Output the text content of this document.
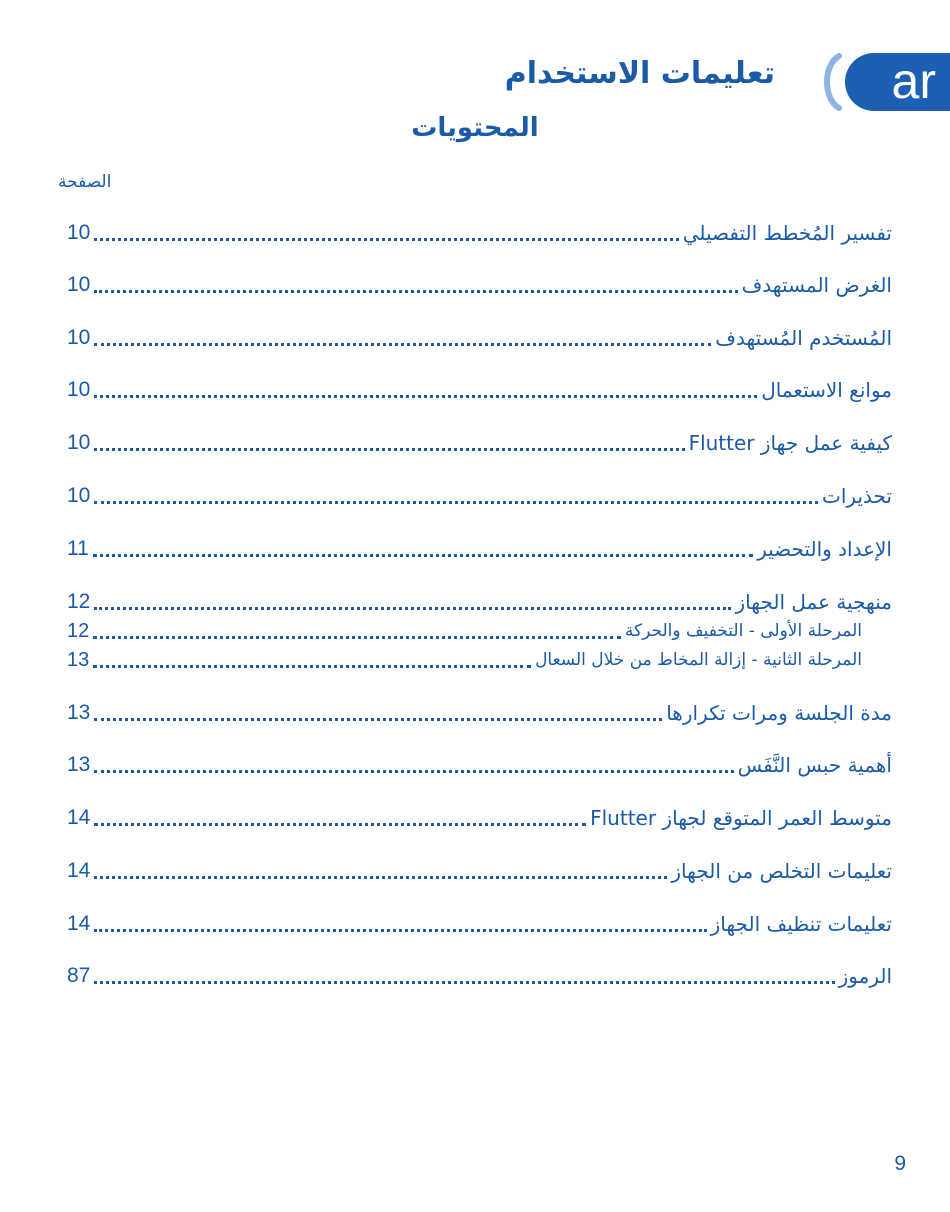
ar
تعليمات الاستخدام
المحتويات
الصفحة
تفسير المُخطط التفصيلي
10
الغرض المستهدف
10
المُستخدم المُستهدف
10
موانع الاستعمال
10
كيفية عمل جهاز Flutter
10
تحذيرات
10
الإعداد والتحضير
11
منهجية عمل الجهاز
12
المرحلة الأولى - التخفيف والحركة
12
المرحلة الثانية - إزالة المخاط من خلال السعال
13
مدة الجلسة ومرات تكرارها
13
أهمية حبس النَّفَس
13
متوسط العمر المتوقع لجهاز Flutter
14
تعليمات التخلص من الجهاز
14
تعليمات تنظيف الجهاز
14
الرموز
87
9
